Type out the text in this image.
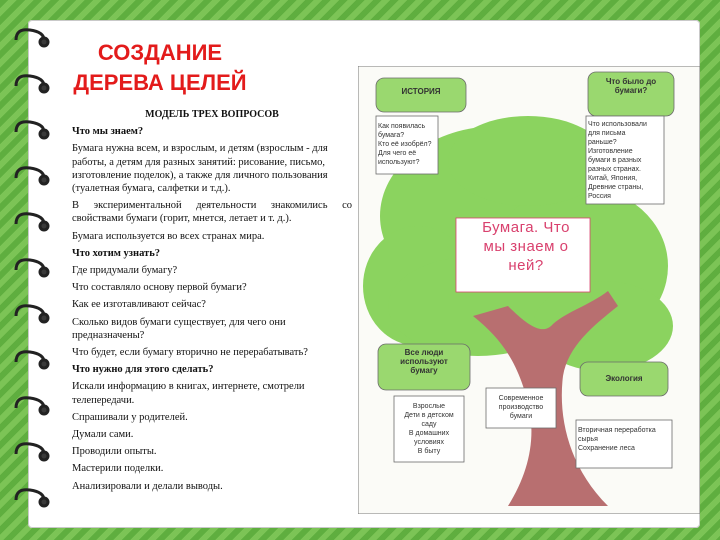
СОЗДАНИЕ
ДЕРЕВА ЦЕЛЕЙ
МОДЕЛЬ ТРЕХ ВОПРОСОВ

Что мы знаем?

Бумага нужна всем, и взрослым, и детям (взрослым - для работы, а детям для разных занятий: рисование, письмо, изготовление поделок), а также для личного пользования (туалетная бумага, салфетки и т.д.).

В экспериментальной деятельности знакомились со свойствами бумаги (горит, мнется, летает и т. д.).

Бумага используется во всех странах мира.

Что хотим узнать?

Где придумали бумагу?

Что составляло основу первой бумаги?

Как ее изготавливают сейчас?

Сколько видов бумаги существует, для чего они предназначены?

Что будет, если бумагу вторично не перерабатывать?

Что нужно для этого сделать?

Искали информацию в книгах, интернете, смотрели телепередачи.

Спрашивали у родителей.

Думали сами.

Проводили опыты.

Мастерили поделки.

Анализировали и делали выводы.

ИСТОРИЯ
Как появилась
бумага?
Кто её изобрёл?
Для чего её
используют?
Что было до
бумаги?
Что использовали
для письма
раньше?
Изготовление
бумаги в разных
разных странах.
Китай, Япония,
Древние страны,
Россия
Бумага. Что
мы знаем о
ней?
Все люди
используют
бумагу
Взрослые
Дети в детском
саду
В домашних
условиях
В быту
Современное
производство
бумаги
Экология
Вторичная переработка
сырья
Сохранение леса
